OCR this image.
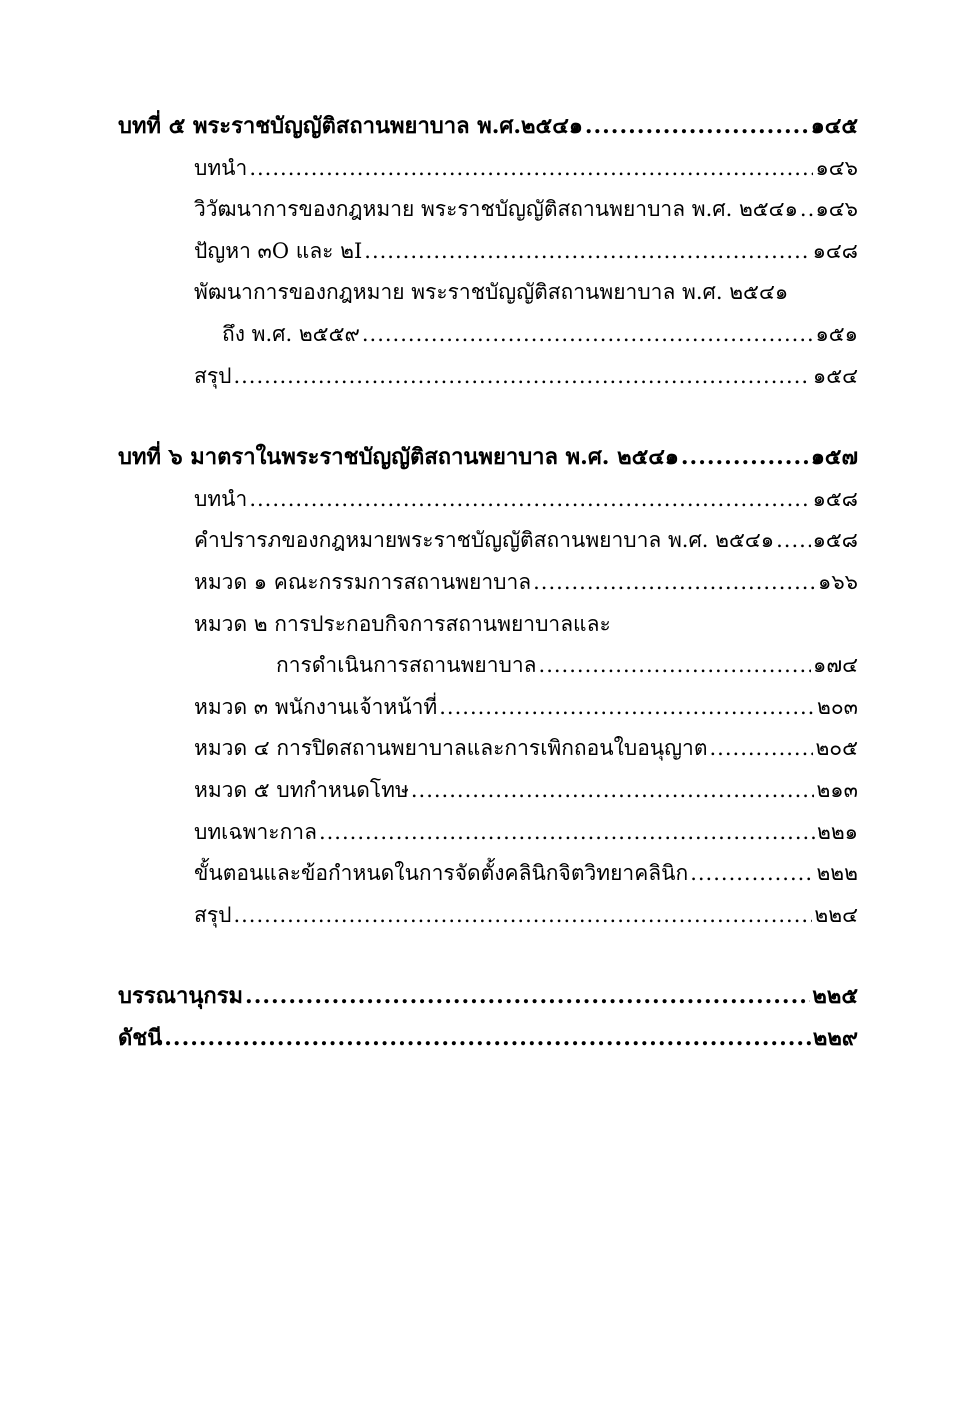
บทที่ ๕ พระราชบัญญัติสถานพยาบาล พ.ศ.๒๕๔๑ .....	๑๔๕
บทนำ .....	๑๔๖
วิวัฒนาการของกฎหมาย พระราชบัญญัติสถานพยาบาล พ.ศ. ๒๕๔๑ ..... ๑๔๖
ปัญหา ๓O และ ๒I .....	๑๔๘
พัฒนาการของกฎหมาย พระราชบัญญัติสถานพยาบาล พ.ศ. ๒๕๔๑
ถึง พ.ศ. ๒๕๕๙ .....	๑๕๑
สรุป .....	๑๕๔
บทที่ ๖ มาตราในพระราชบัญญัติสถานพยาบาล พ.ศ. ๒๕๔๑ .....	๑๕๗
บทนำ .....	๑๕๘
คำปรารภของกฎหมายพระราชบัญญัติสถานพยาบาล พ.ศ. ๒๕๔๑ ..... ๑๕๘
หมวด ๑ คณะกรรมการสถานพยาบาล .....	๑๖๖
หมวด ๒ การประกอบกิจการสถานพยาบาลและ
การดำเนินการสถานพยาบาล .....	๑๗๔
หมวด ๓ พนักงานเจ้าหน้าที่ .....	๒๐๓
หมวด ๔ การปิดสถานพยาบาลและการเพิกถอนใบอนุญาต .....	๒๐๕
หมวด ๕ บทกำหนดโทษ .....	๒๑๓
บทเฉพาะกาล .....	๒๒๑
ขั้นตอนและข้อกำหนดในการจัดตั้งคลินิกจิตวิทยาคลินิก .....	๒๒๒
สรุป .....	๒๒๔
บรรณานุกรม .....	๒๒๕
ดัชนี .....	๒๒๙
